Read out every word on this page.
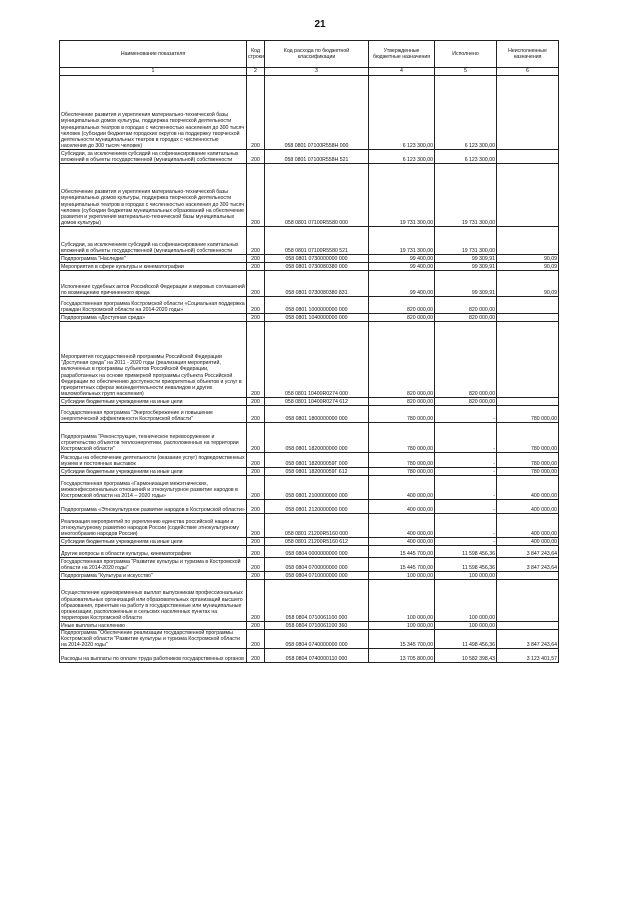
21
Наименование показателя	Код строки	Код расхода по бюджетной классификации	Утвержденные бюджетные назначения	Исполнено	Неисполненные назначения
1	2	3	4	5	6
Обеспечение развития и укрепления материально-технической базы муниципальных домов культуры, поддержка творческой деятельности муниципальных театров в городах с численностью населения до 300 тысяч человек (субсидии бюджетам городских округов на поддержку творческой деятельности муниципальных театров в городах с численностью населения до 300 тысяч человек)	200	058 0801 07100R558Н 000	6 123 300,00	6 123 300,00	
Субсидии, за исключением субсидий на софинансирование капитальных вложений в объекты государственной (муниципальной) собственности	200	058 0801 07100R558Н 521	6 123 300,00	6 123 300,00	
Обеспечение развития и укрепления материально-технической базы муниципальных домов культуры, поддержка творческой деятельности муниципальных театров в городах с численностью населения до 300 тысяч человек (субсидии бюджетам муниципальных образований на обеспечение развития и укрепления материально-технической базы муниципальных домов культуры)	200	058 0801 07100R5580 000	19 731 300,00	19 731 300,00	
Субсидии, за исключением субсидий на софинансирование капитальных вложений в объекты государственной (муниципальной) собственности	200	058 0801 07100R5580 521	19 731 300,00	19 731 300,00	
Подпрограмма "Наследие"	200	058 0801 0730000000 000	99 400,00	99 309,91	90,09
Мероприятия в сфере культуры и кинематографии	200	058 0801 0730080380 000	99 400,00	99 309,91	90,09
Исполнение судебных актов Российской Федерации и мировых соглашений по возмещению причиненного вреда	200	058 0801 0730080380 831	99 400,00	99 309,91	90,09
Государственная программа Костромской области «Социальная поддержка граждан Костромской области на 2014-2020 годы»	200	058 0801 1000000000 000	820 000,00	820 000,00	
Подпрограмма «Доступная среда»	200	058 0801 1040000000 000	820 000,00	820 000,00	
Мероприятия государственной программы Российской Федерации "Доступная среда" на 2011 - 2020 годы (реализация мероприятий, включенных в программы субъектов Российской Федерации, разработанных на основе примерной программы субъекта Российской Федерации по обеспечению доступности приоритетных объектов и услуг в приоритетных сферах жизнедеятельности инвалидов и других маломобильных групп населения)	200	058 0801 10400R0274 000	820 000,00	820 000,00	
Субсидии бюджетным учреждениям на иные цели	200	058 0801 10400R0274 612	820 000,00	820 000,00	
Государственная программа "Энергосбережение и повышение энергетической эффективности Костромской области"	200	058 0801 1800000000 000	780 000,00	-	780 000,00
Подпрограмма "Реконструкция, техническое перевооружение и строительство объектов теплоэнергетики, расположенных на территории Костромской области"	200	058 0801 1820000000 000	780 000,00	-	780 000,00
Расходы на обеспечение деятельности (оказание услуг) подведомственных музеев и постоянных выставок	200	058 0801 182000059Г 000	780 000,00	-	780 000,00
Субсидии бюджетным учреждениям на иные цели	200	058 0801 182000059Г 612	780 000,00	-	780 000,00
Государственная программа «Гармонизация межэтнических, межконфессиональных отношений и этнокультурное развитие народов в Костромской области на 2014 – 2020 годы»	200	058 0801 2100000000 000	400 000,00	-	400 000,00
Подпрограмма «Этнокультурное развитие народов в Костромской области»	200	058 0801 2120000000 000	400 000,00	-	400 000,00
Реализация мероприятий по укреплению единства российской нации и этнокультурному развитию народов России (содействие этнокультурному многообразию народов России)	200	058 0801 21200R5160 000	400 000,00	-	400 000,00
Субсидии бюджетным учреждениям на иные цели	200	058 0801 21200R5160 612	400 000,00	-	400 000,00
Другие вопросы в области культуры, кинематографии	200	058 0804 0000000000 000	15 445 700,00	11 598 456,36	3 847 243,64
Государственная программа "Развитие культуры и туризма в Костромской области на 2014-2020 годы"	200	058 0804 0700000000 000	15 445 700,00	11 598 456,36	3 847 243,64
Подпрограмма "Культура и искусство"	200	058 0804 0710000000 000	100 000,00	100 000,00	
Осуществление единовременных выплат выпускникам профессиональных образовательных организаций или образовательных организаций высшего образования, принятым на работу в государственные или муниципальные организации, расположенные в сельских населенных пунктах на территории Костромской области	200	058 0804 0710061100 000	100 000,00	100 000,00	
Иные выплаты населению	200	058 0804 0710061100 360	100 000,00	100 000,00	
Подпрограмма "Обеспечение реализации государственной программы Костромской области "Развитие культуры и туризма Костромской области на 2014-2020 годы"	200	058 0804 0740000000 000	15 345 700,00	11 498 456,36	3 847 243,64
Расходы на выплаты по оплате труда работников государственных органов	200	058 0804 0740000110 000	13 705 800,00	10 582 398,43	3 123 401,57
